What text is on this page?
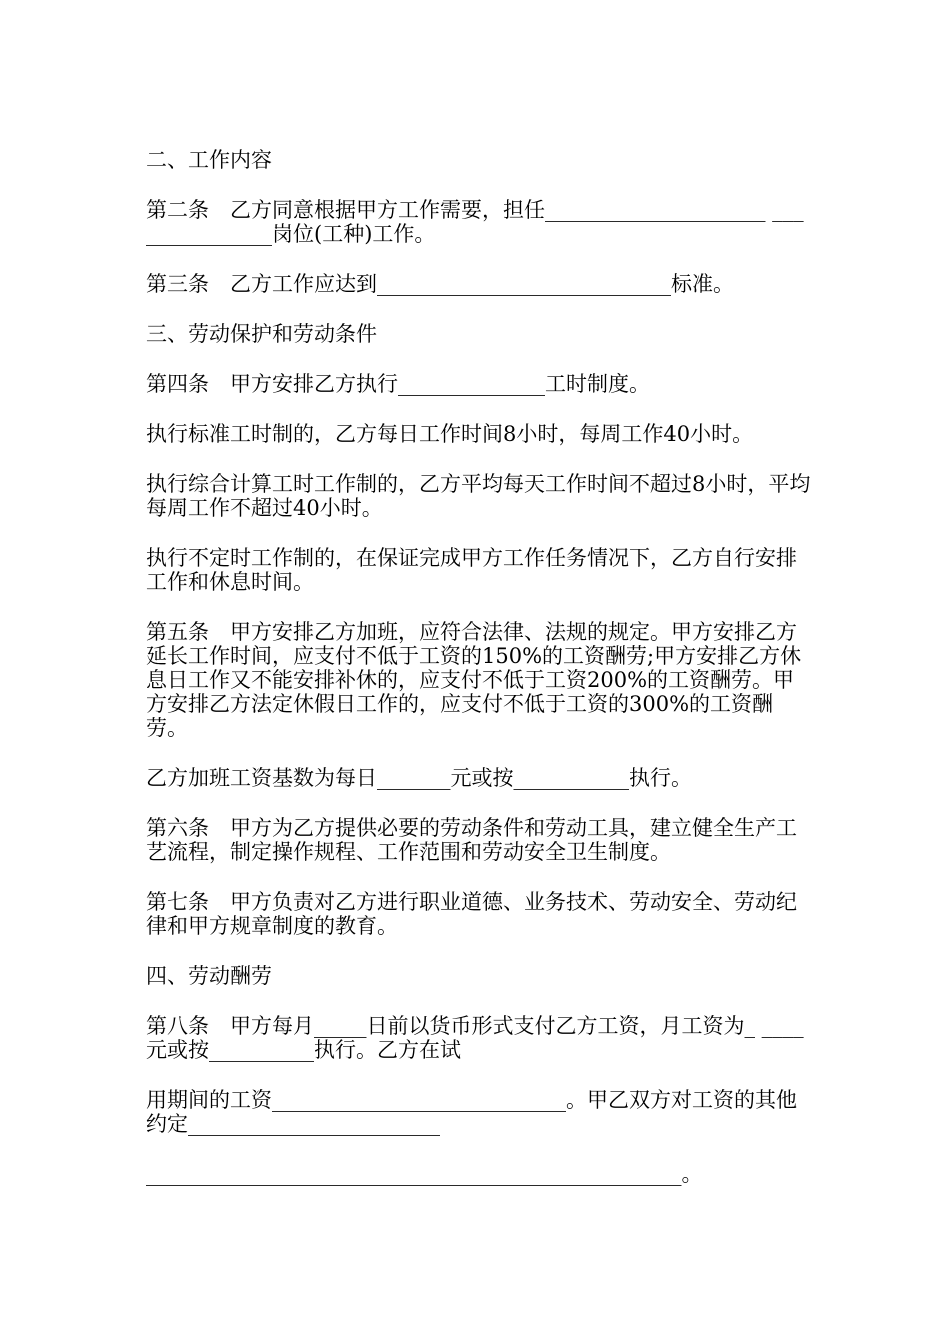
二、工作内容

第二条　乙方同意根据甲方工作需要，担任_____________________ _______________岗位(工种)工作。

第三条　乙方工作应达到____________________________标准。

三、劳动保护和劳动条件

第四条　甲方安排乙方执行______________工时制度。

执行标准工时制的，乙方每日工作时间8小时，每周工作40小时。

执行综合计算工时工作制的，乙方平均每天工作时间不超过8小时，平均每周工作不超过40小时。

执行不定时工作制的，在保证完成甲方工作任务情况下，乙方自行安排工作和休息时间。

第五条　甲方安排乙方加班，应符合法律、法规的规定。甲方安排乙方延长工作时间，应支付不低于工资的150%的工资酬劳;甲方安排乙方休息日工作又不能安排补休的，应支付不低于工资200%的工资酬劳。甲方安排乙方法定休假日工作的，应支付不低于工资的300%的工资酬劳。

乙方加班工资基数为每日_______元或按___________执行。

第六条　甲方为乙方提供必要的劳动条件和劳动工具，建立健全生产工艺流程，制定操作规程、工作范围和劳动安全卫生制度。

第七条　甲方负责对乙方进行职业道德、业务技术、劳动安全、劳动纪律和甲方规章制度的教育。

四、劳动酬劳

第八条　甲方每月_____日前以货币形式支付乙方工资，月工资为_ ____元或按__________执行。乙方在试

用期间的工资____________________________。甲乙双方对工资的其他约定________________________

___________________________________________________。
